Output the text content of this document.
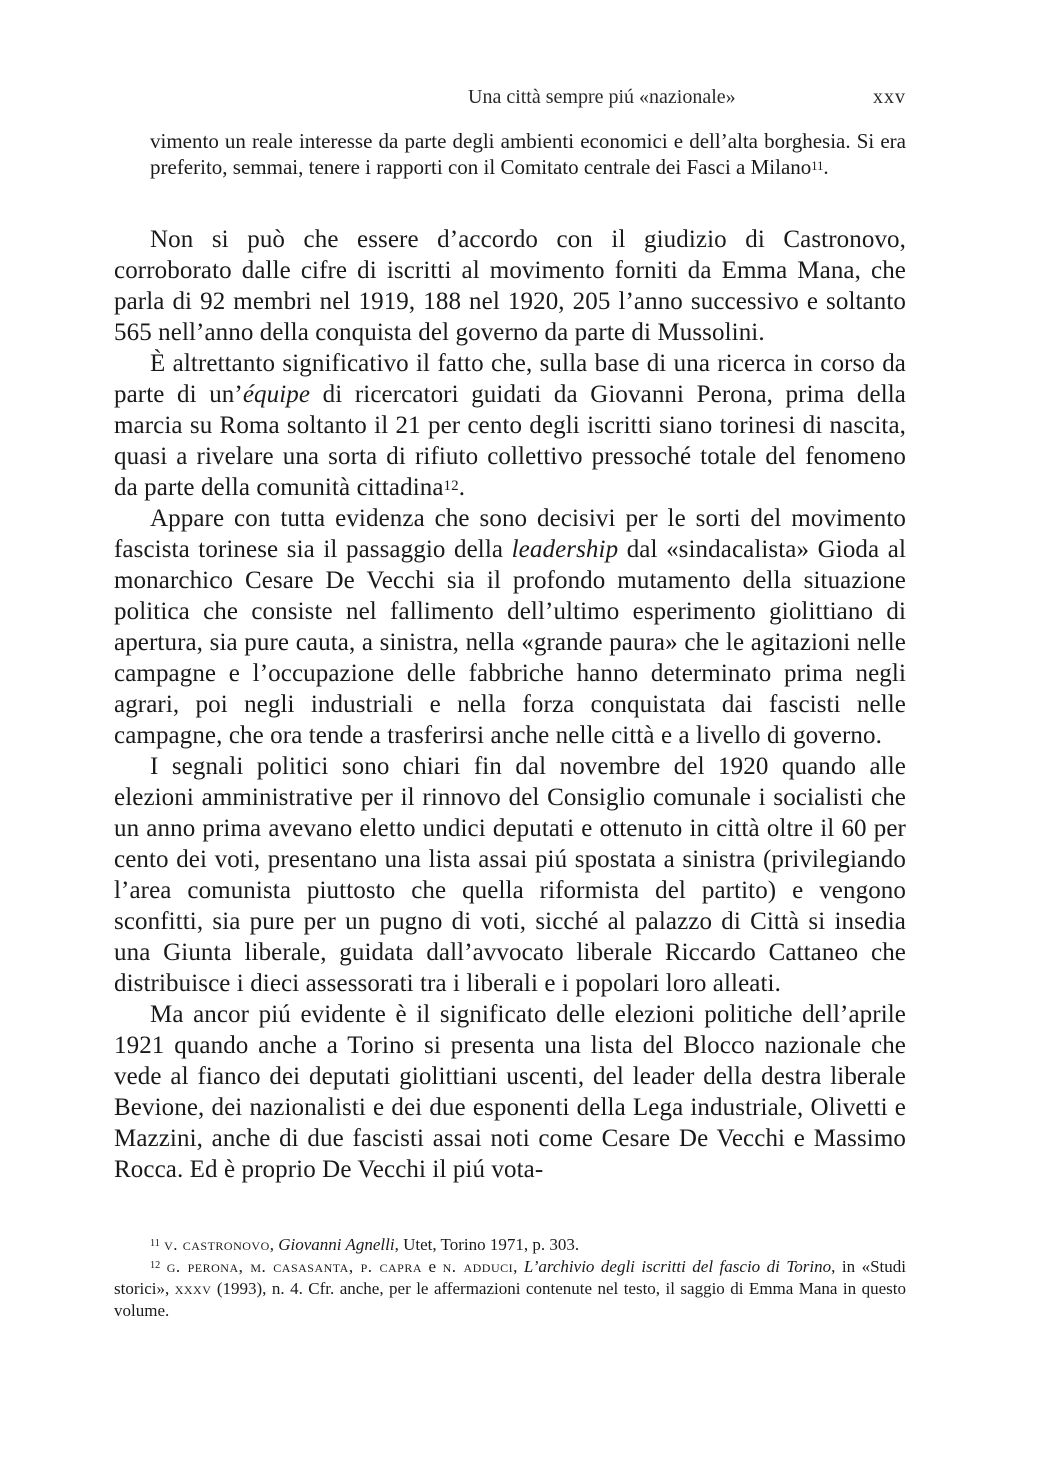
Una città sempre piú «nazionale»	xxv
vimento un reale interesse da parte degli ambienti economici e dell’alta borghesia. Si era preferito, semmai, tenere i rapporti con il Comitato centrale dei Fasci a Milano$^{11}$.

Non si può che essere d’accordo con il giudizio di Castronovo, corroborato dalle cifre di iscritti al movimento forniti da Emma Mana, che parla di 92 membri nel 1919, 188 nel 1920, 205 l’anno successivo e soltanto 565 nell’anno della conquista del governo da parte di Mussolini.

È altrettanto significativo il fatto che, sulla base di una ricerca in corso da parte di un’équipe di ricercatori guidati da Giovanni Perona, prima della marcia su Roma soltanto il 21 per cento degli iscritti siano torinesi di nascita, quasi a rivelare una sorta di rifiuto collettivo pressoché totale del fenomeno da parte della comunità cittadina$^{12}$.

Appare con tutta evidenza che sono decisivi per le sorti del movimento fascista torinese sia il passaggio della leadership dal «sindacalista» Gioda al monarchico Cesare De Vecchi sia il profondo mutamento della situazione politica che consiste nel fallimento dell’ultimo esperimento giolittiano di apertura, sia pure cauta, a sinistra, nella «grande paura» che le agitazioni nelle campagne e l’occupazione delle fabbriche hanno determinato prima negli agrari, poi negli industriali e nella forza conquistata dai fascisti nelle campagne, che ora tende a trasferirsi anche nelle città e a livello di governo.

I segnali politici sono chiari fin dal novembre del 1920 quando alle elezioni amministrative per il rinnovo del Consiglio comunale i socialisti che un anno prima avevano eletto undici deputati e ottenuto in città oltre il 60 per cento dei voti, presentano una lista assai piú spostata a sinistra (privilegiando l’area comunista piuttosto che quella riformista del partito) e vengono sconfitti, sia pure per un pugno di voti, sicché al palazzo di Città si insedia una Giunta liberale, guidata dall’avvocato liberale Riccardo Cattaneo che distribuisce i dieci assessorati tra i liberali e i popolari loro alleati.

Ma ancor piú evidente è il significato delle elezioni politiche dell’aprile 1921 quando anche a Torino si presenta una lista del Blocco nazionale che vede al fianco dei deputati giolittiani uscenti, del leader della destra liberale Bevione, dei nazionalisti e dei due esponenti della Lega industriale, Olivetti e Mazzini, anche di due fascisti assai noti come Cesare De Vecchi e Massimo Rocca. Ed è proprio De Vecchi il piú vota-

$^{11}$ v. castronovo, Giovanni Agnelli, Utet, Torino 1971, p. 303.

$^{12}$ g. perona, m. casasanta, p. capra e n. adduci, L’archivio degli iscritti del fascio di Torino, in «Studi storici», xxxv (1993), n. 4. Cfr. anche, per le affermazioni contenute nel testo, il saggio di Emma Mana in questo volume.
